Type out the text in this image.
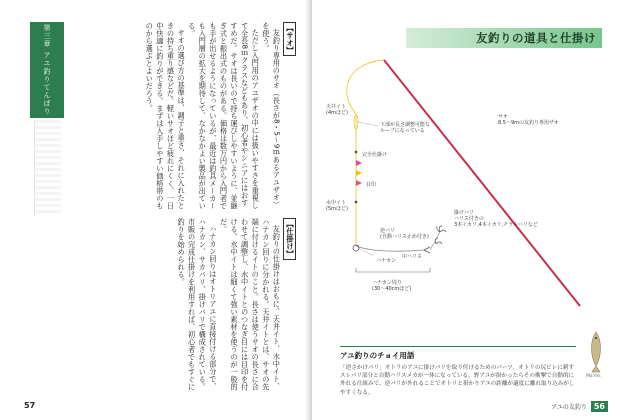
【サオ】

友釣り専用のサオ（長さが8・5〜9ｍあるアユザオ）を使う。

ただし入門用のアユザオの中には扱いやすさを重視して全長8ｍクラスなどもあり、初心者やシニアにはおすすめだ。サオは長いので持ち運びしやすいように、並継ぎ式と振出式のものがある。価格は数万円から入門者でも手が出せるようになっているが、最近は釣具メーカーも入門層の拡大を期待して、なかなかよい製品が出ている。

サオの選び方の基準は、調子と重さ、それに入れたときの持ち重り感などだ。軽いサオほど疲れにくく、一日中快適に釣りができる。まずは入手しやすい価格帯のものから選ぶとよいだろう。

【仕掛け】

友釣りの仕掛けはおもに、天井イト、水中イト、ハナカン回りに分かれる。天井イトとは、サオの先端に付けるイトのこと。長さは使うサオの長さに合わせて調整し、水中イトとのつなぎ目には目印を付ける。水中イトは細くて強い素材を使うのが一般的だ。

ハナカン回りはオトリアユに直接付ける部分で、ハナカン、サカバリ、掛けバリで構成されている。市販の完成仕掛けを利用すれば、初心者でもすぐに釣りを始められる。

第三章 アユ釣りてんぼり
57
友釣りの道具と仕掛け
天井イト (4mほど)
下部が長さ調整可能な ループになっている
サオ 8.5〜9mの友釣り専用ザオ
完全仕掛け
目印
水中イト (5mほど)
掛けバリ ハリス付きの 3本イカリ,4本イカリ,チラシバリなど
逆バリ (自動ハリス止め付き)
中ハリス
ハナカン
ハナカン周り (30〜40cmほど)
アユ釣りのチョイ用語
「逆さかけバリ」オトリのアユに掛けバリを取り付けるためのパーツ。オトリの尻ビレに刺すスレバリ部分と自動ハリスメカが一体になっている。野アユが掛かったらその衝撃で自動的に外れる仕組みで、逆バリが外れることでオトリと掛かりアユの距離が適度に離れ取り込みがしやすくなる。
Ma'ms
アユの友釣り 56
